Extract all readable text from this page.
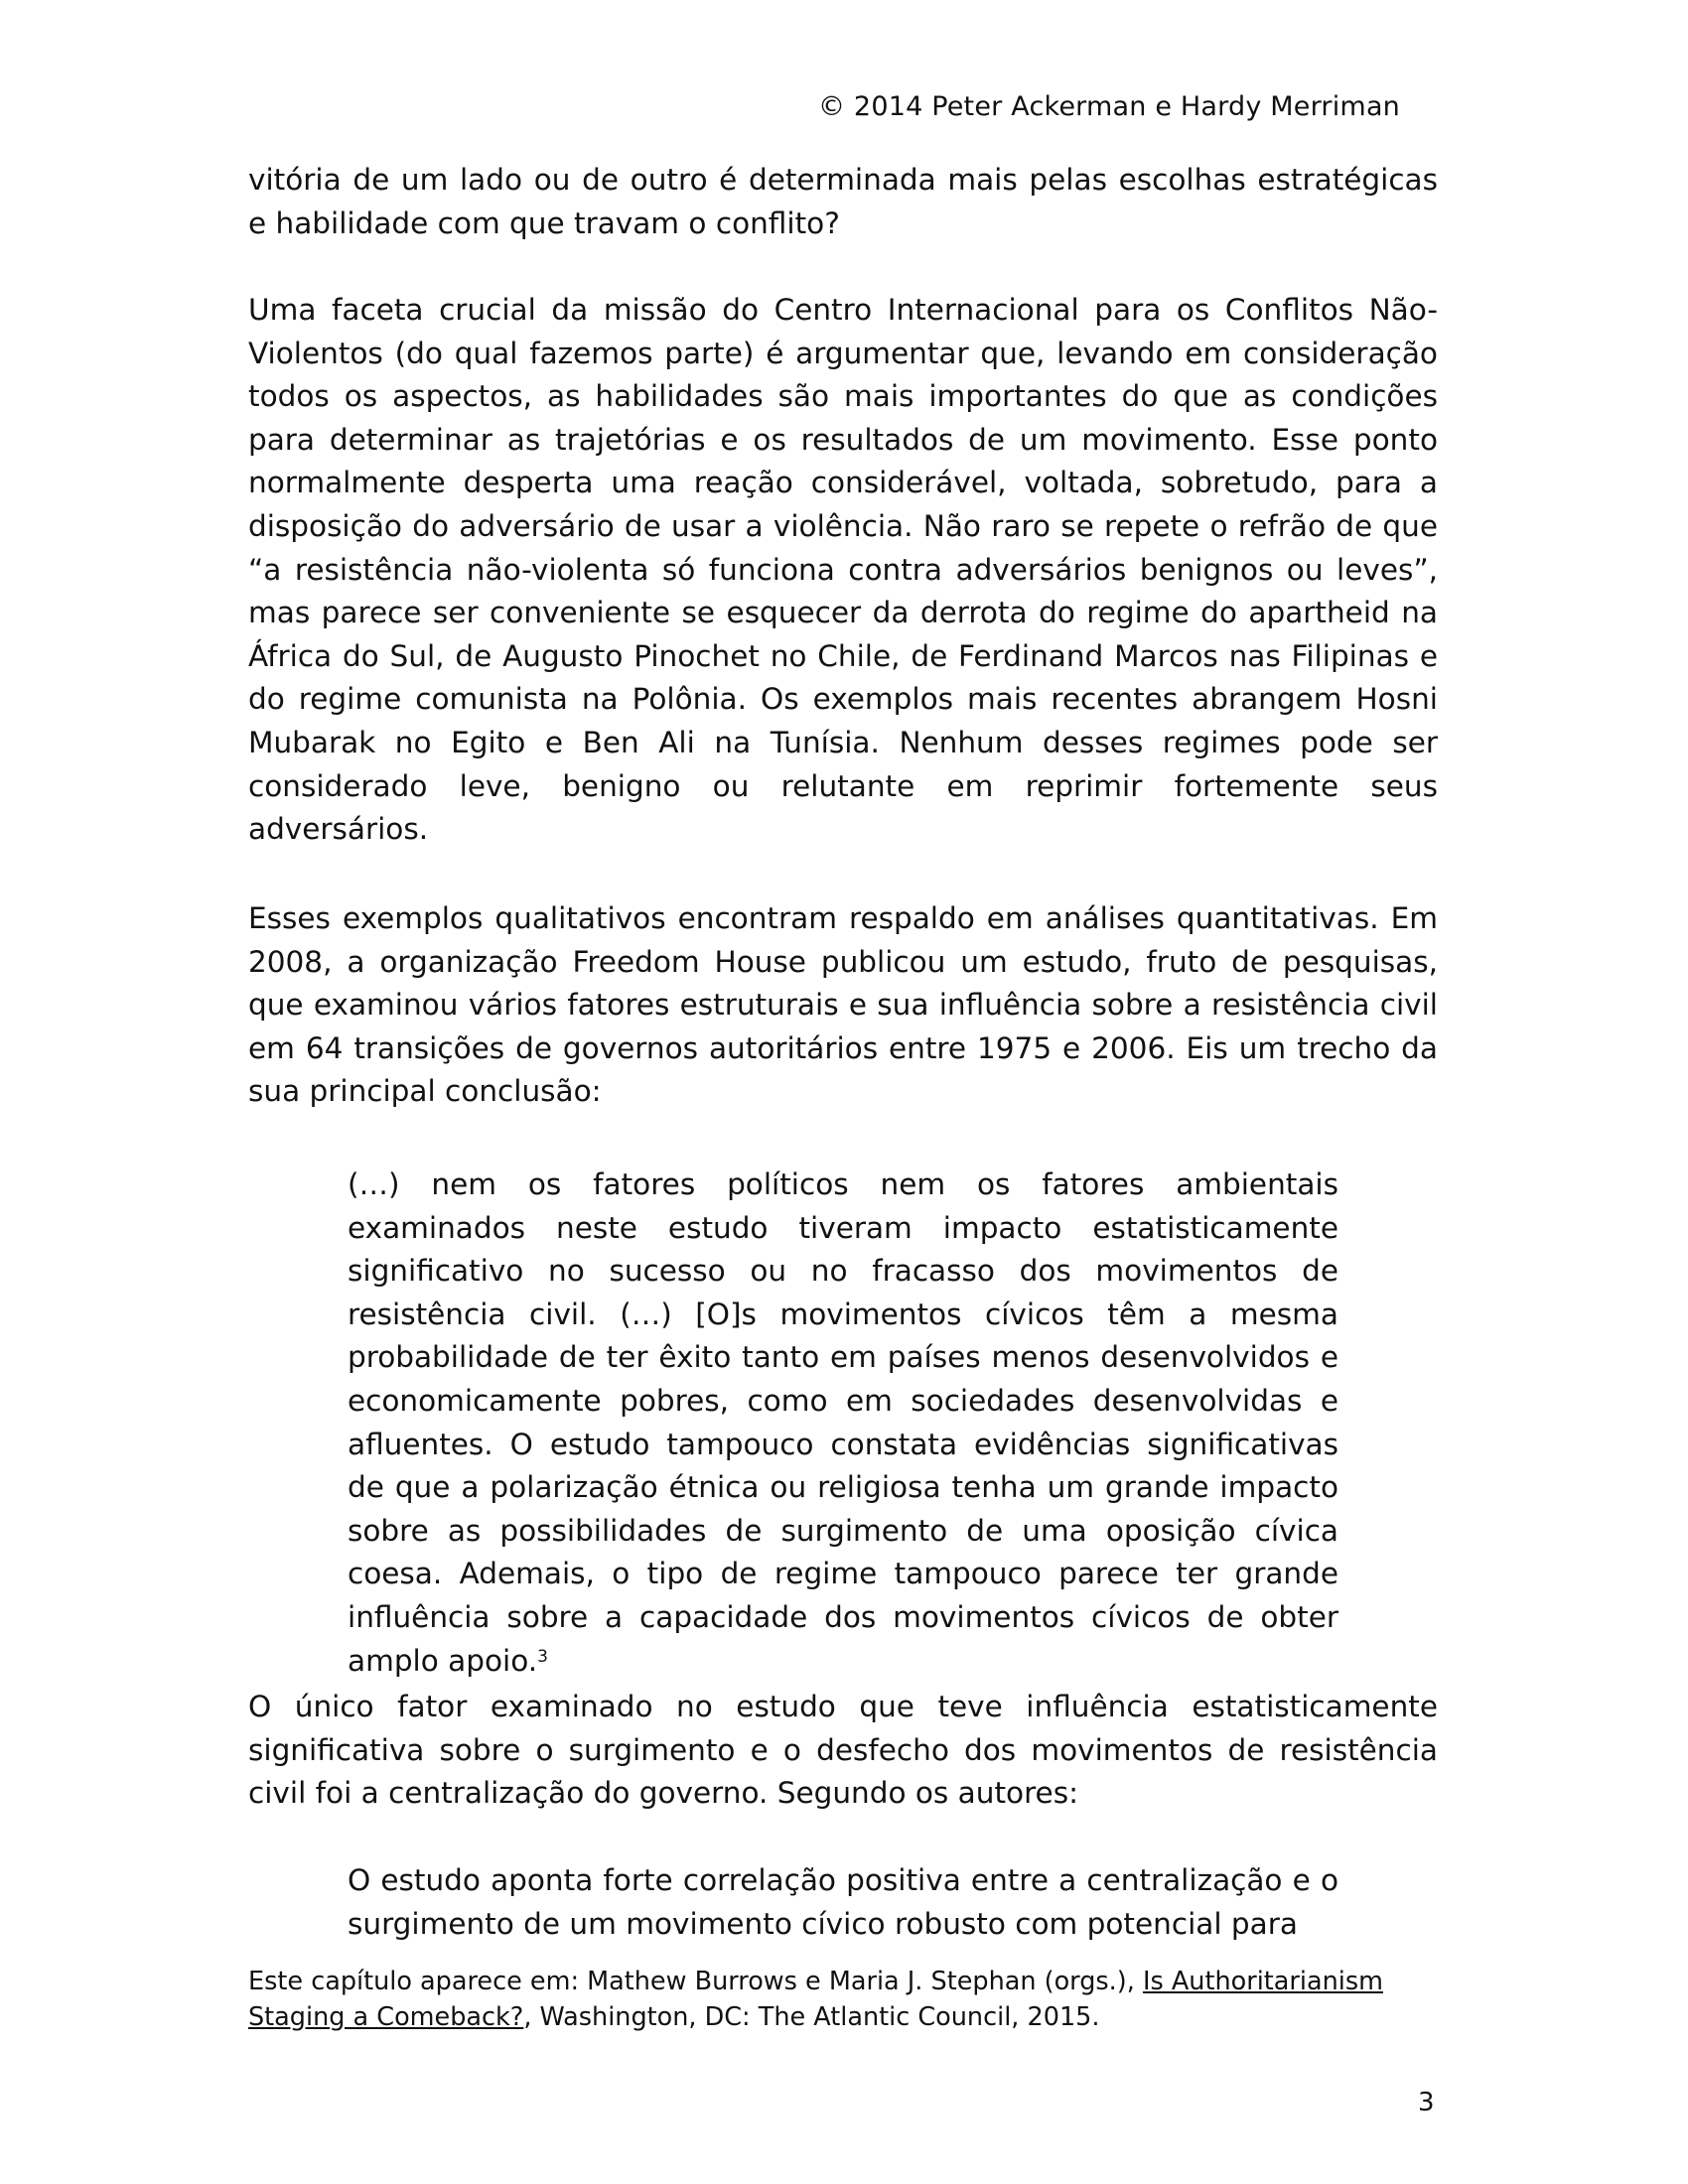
© 2014 Peter Ackerman e Hardy Merriman

vitória de um lado ou de outro é determinada mais pelas escolhas estratégicas e habilidade com que travam o conflito?

Uma faceta crucial da missão do Centro Internacional para os Conflitos Não-Violentos (do qual fazemos parte) é argumentar que, levando em consideração todos os aspectos, as habilidades são mais importantes do que as condições para determinar as trajetórias e os resultados de um movimento. Esse ponto normalmente desperta uma reação considerável, voltada, sobretudo, para a disposição do adversário de usar a violência. Não raro se repete o refrão de que “a resistência não-violenta só funciona contra adversários benignos ou leves”, mas parece ser conveniente se esquecer da derrota do regime do apartheid na África do Sul, de Augusto Pinochet no Chile, de Ferdinand Marcos nas Filipinas e do regime comunista na Polônia. Os exemplos mais recentes abrangem Hosni Mubarak no Egito e Ben Ali na Tunísia. Nenhum desses regimes pode ser considerado leve, benigno ou relutante em reprimir fortemente seus adversários.

Esses exemplos qualitativos encontram respaldo em análises quantitativas. Em 2008, a organização Freedom House publicou um estudo, fruto de pesquisas, que examinou vários fatores estruturais e sua influência sobre a resistência civil em 64 transições de governos autoritários entre 1975 e 2006. Eis um trecho da sua principal conclusão:

(…) nem os fatores políticos nem os fatores ambientais examinados neste estudo tiveram impacto estatisticamente significativo no sucesso ou no fracasso dos movimentos de resistência civil. (…) [O]s movimentos cívicos têm a mesma probabilidade de ter êxito tanto em países menos desenvolvidos e economicamente pobres, como em sociedades desenvolvidas e afluentes. O estudo tampouco constata evidências significativas de que a polarização étnica ou religiosa tenha um grande impacto sobre as possibilidades de surgimento de uma oposição cívica coesa. Ademais, o tipo de regime tampouco parece ter grande influência sobre a capacidade dos movimentos cívicos de obter amplo apoio.$^3$

O único fator examinado no estudo que teve influência estatisticamente significativa sobre o surgimento e o desfecho dos movimentos de resistência civil foi a centralização do governo. Segundo os autores:

O estudo aponta forte correlação positiva entre a centralização e o surgimento de um movimento cívico robusto com potencial para

Este capítulo aparece em: Mathew Burrows e Maria J. Stephan (orgs.), Is Authoritarianism Staging a Comeback?, Washington, DC: The Atlantic Council, 2015.
3
